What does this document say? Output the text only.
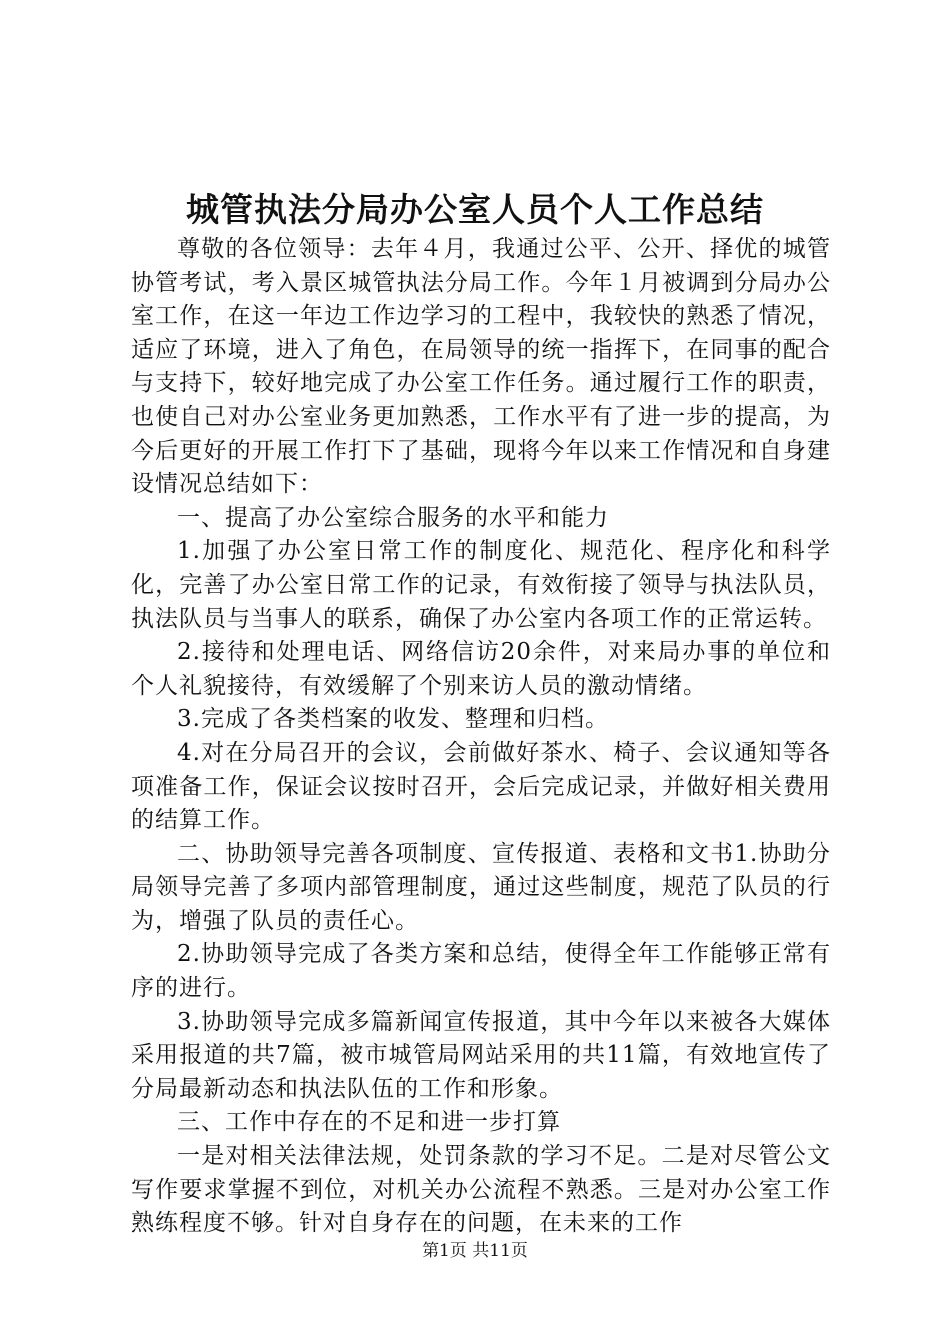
城管执法分局办公室人员个人工作总结

尊敬的各位领导：去年４月，我通过公平、公开、择优的城管协管考试，考入景区城管执法分局工作。今年１月被调到分局办公室工作，在这一年边工作边学习的工程中，我较快的熟悉了情况，适应了环境，进入了角色，在局领导的统一指挥下，在同事的配合与支持下，较好地完成了办公室工作任务。通过履行工作的职责，也使自己对办公室业务更加熟悉，工作水平有了进一步的提高，为今后更好的开展工作打下了基础，现将今年以来工作情况和自身建设情况总结如下：

一、提高了办公室综合服务的水平和能力

1.加强了办公室日常工作的制度化、规范化、程序化和科学化，完善了办公室日常工作的记录，有效衔接了领导与执法队员，执法队员与当事人的联系，确保了办公室内各项工作的正常运转。

2.接待和处理电话、网络信访20余件，对来局办事的单位和个人礼貌接待，有效缓解了个别来访人员的激动情绪。

3.完成了各类档案的收发、整理和归档。

4.对在分局召开的会议，会前做好茶水、椅子、会议通知等各项准备工作，保证会议按时召开，会后完成记录，并做好相关费用的结算工作。

二、协助领导完善各项制度、宣传报道、表格和文书1.协助分局领导完善了多项内部管理制度，通过这些制度，规范了队员的行为，增强了队员的责任心。

2.协助领导完成了各类方案和总结，使得全年工作能够正常有序的进行。

3.协助领导完成多篇新闻宣传报道，其中今年以来被各大媒体采用报道的共7篇，被市城管局网站采用的共11篇，有效地宣传了分局最新动态和执法队伍的工作和形象。

三、工作中存在的不足和进一步打算

一是对相关法律法规，处罚条款的学习不足。二是对尽管公文写作要求掌握不到位，对机关办公流程不熟悉。三是对办公室工作熟练程度不够。针对自身存在的问题，在未来的工作

第1页 共11页
